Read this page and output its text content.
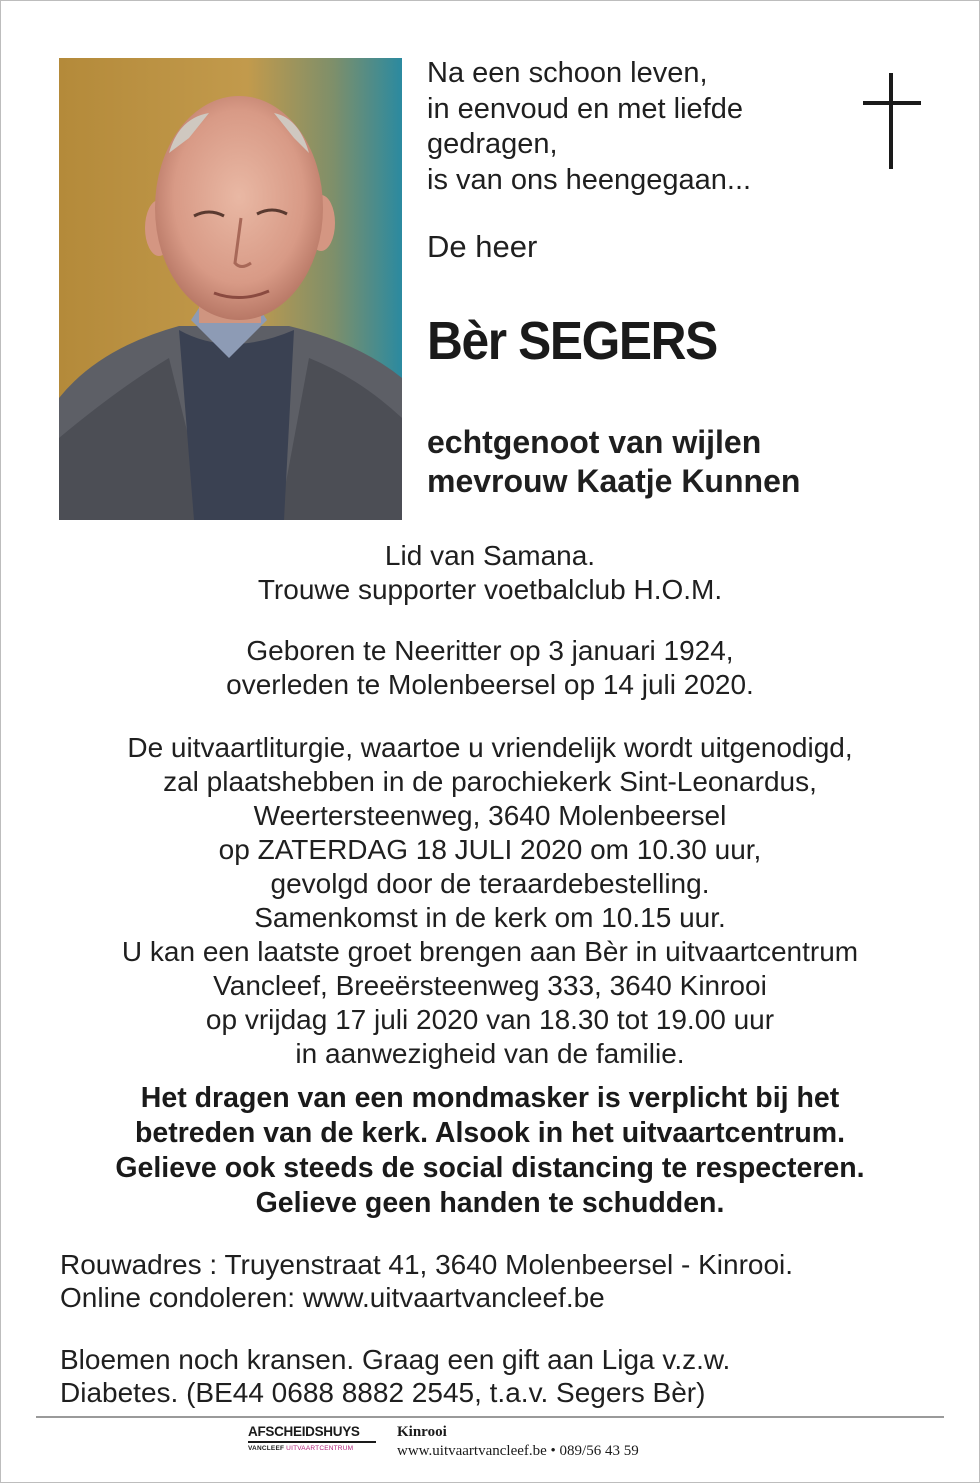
Na een schoon leven,
in eenvoud en met liefde
gedragen,
is van ons heengegaan...
De heer
Bèr SEGERS
echtgenoot van wijlen
mevrouw Kaatje Kunnen
Lid van Samana.
Trouwe supporter voetbalclub H.O.M.
Geboren te Neeritter op 3 januari 1924,
overleden te Molenbeersel op 14 juli 2020.
De uitvaartliturgie, waartoe u vriendelijk wordt uitgenodigd,
zal plaatshebben in de parochiekerk Sint-Leonardus,
Weertersteenweg, 3640 Molenbeersel
op ZATERDAG 18 JULI 2020 om 10.30 uur,
gevolgd door de teraardebestelling.
Samenkomst in de kerk om 10.15 uur.
U kan een laatste groet brengen aan Bèr in uitvaartcentrum
Vancleef, Breeërsteenweg 333, 3640 Kinrooi
op vrijdag 17 juli 2020 van 18.30 tot 19.00 uur
in aanwezigheid van de familie.
Het dragen van een mondmasker is verplicht bij het
betreden van de kerk. Alsook in het uitvaartcentrum.
Gelieve ook steeds de social distancing te respecteren.
Gelieve geen handen te schudden.
Rouwadres : Truyenstraat 41, 3640 Molenbeersel - Kinrooi.
Online condoleren: www.uitvaartvancleef.be
Bloemen noch kransen. Graag een gift aan Liga v.z.w.
Diabetes. (BE44 0688 8882 2545, t.a.v. Segers Bèr)
AFSCHEIDSHUYS
VANCLEEF UITVAARTCENTRUM
Kinrooi
www.uitvaartvancleef.be • 089/56 43 59
